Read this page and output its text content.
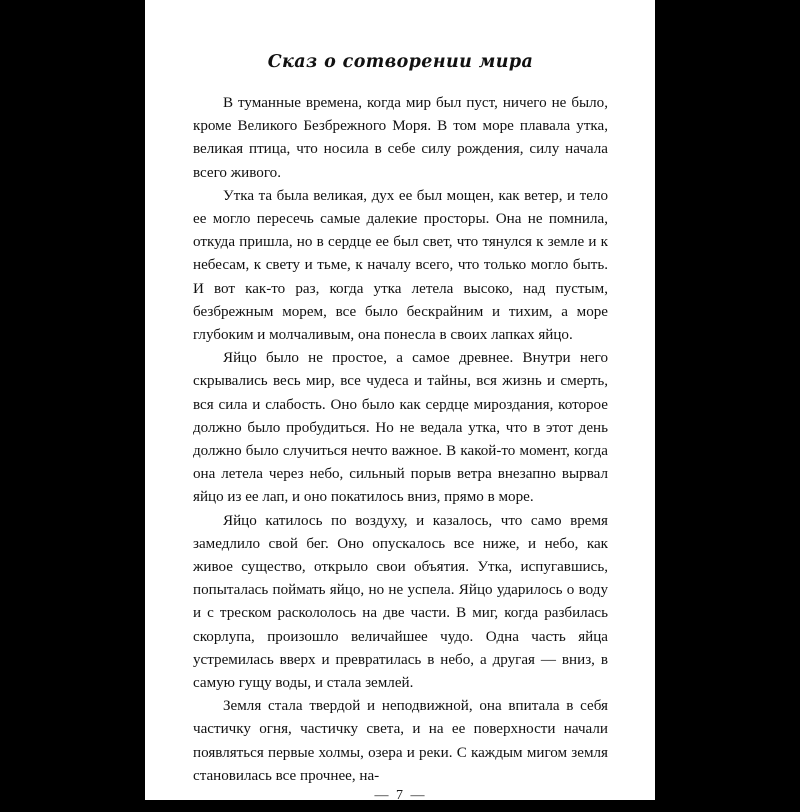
Сказ о сотворении мира

В туманные времена, когда мир был пуст, ничего не было, кроме Великого Безбрежного Моря. В том море плавала утка, великая птица, что носила в себе силу рождения, силу начала всего живого.

Утка та была великая, дух ее был мощен, как ветер, и тело ее могло пересечь самые далекие просторы. Она не помнила, откуда пришла, но в сердце ее был свет, что тянулся к земле и к небесам, к свету и тьме, к началу всего, что только могло быть. И вот как-то раз, когда утка летела высоко, над пустым, безбрежным морем, все было бескрайним и тихим, а море глубоким и молчаливым, она понесла в своих лапках яйцо.

Яйцо было не простое, а самое древнее. Внутри него скрывались весь мир, все чудеса и тайны, вся жизнь и смерть, вся сила и слабость. Оно было как сердце мироздания, которое должно было пробудиться. Но не ведала утка, что в этот день должно было случиться нечто важное. В какой-то момент, когда она летела через небо, сильный порыв ветра внезапно вырвал яйцо из ее лап, и оно покатилось вниз, прямо в море.

Яйцо катилось по воздуху, и казалось, что само время замедлило свой бег. Оно опускалось все ниже, и небо, как живое существо, открыло свои объятия. Утка, испугавшись, попыталась поймать яйцо, но не успела. Яйцо ударилось о воду и с треском раскололось на две части. В миг, когда разбилась скорлупа, произошло величайшее чудо. Одна часть яйца устремилась вверх и превратилась в небо, а другая — вниз, в самую гущу воды, и стала землей.

Земля стала твердой и неподвижной, она впитала в себя частичку огня, частичку света, и на ее поверхности начали появляться первые холмы, озера и реки. С каждым мигом земля становилась все прочнее, на-

— 7 —
